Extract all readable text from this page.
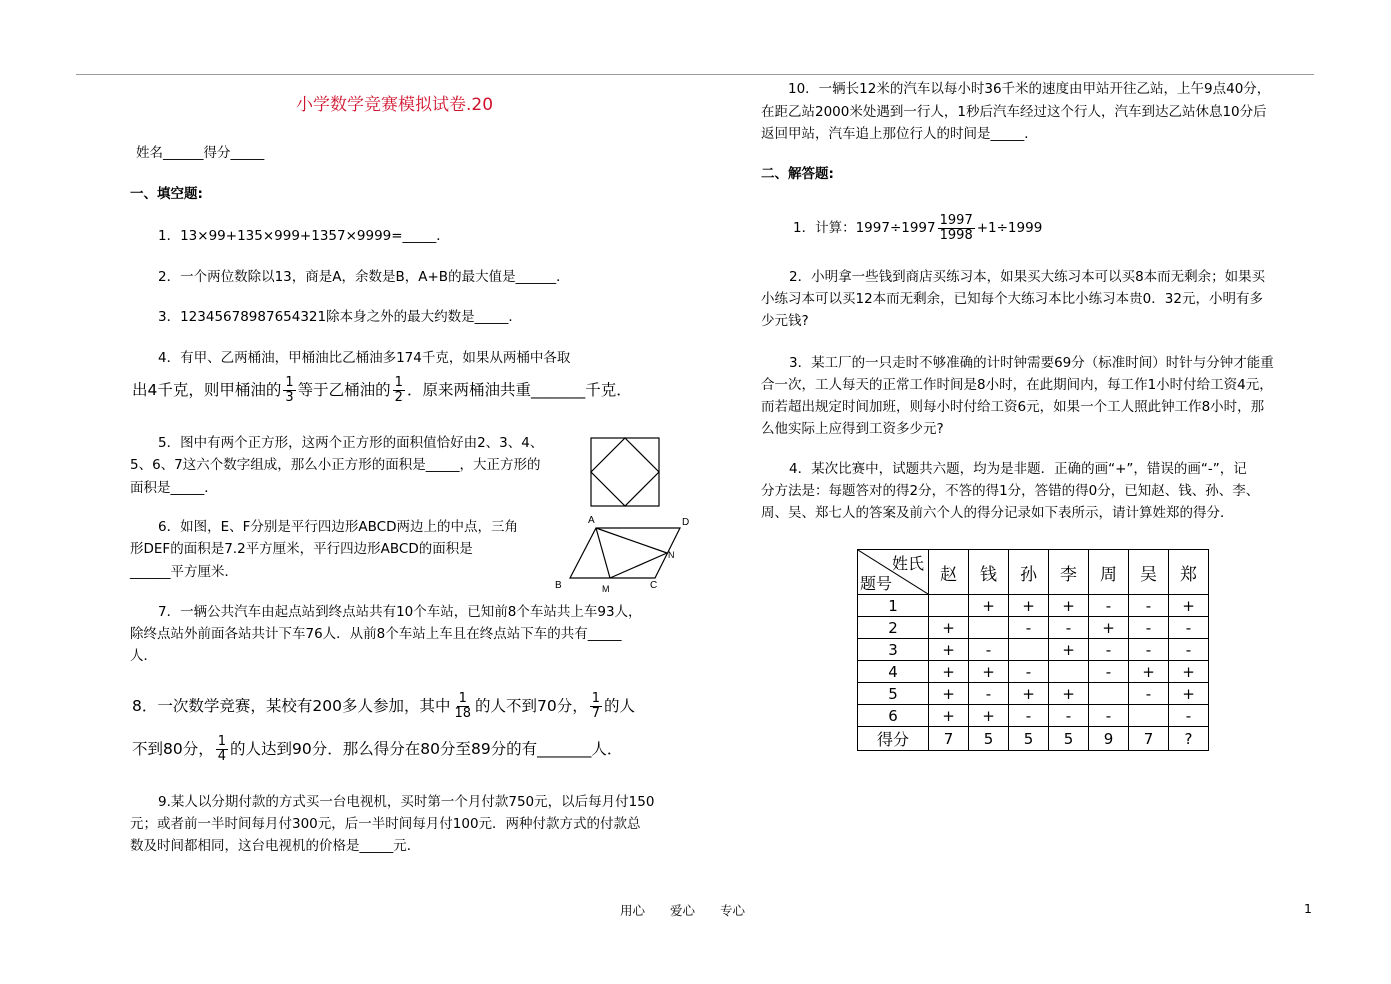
小学数学竞赛模拟试卷.20
姓名______得分_____
一、填空题:
1．13×99+135×999+1357×9999=_____．
2．一个两位数除以13，商是A，余数是B，A+B的最大值是______．
3．12345678987654321除本身之外的最大约数是_____．
4．有甲、乙两桶油，甲桶油比乙桶油多174千克，如果从两桶中各取
出4千克，则甲桶油的 $\frac{1}{3}$ 等于乙桶油的 $\frac{1}{2}$ ．原来两桶油共重_______千克．
5．图中有两个正方形，这两个正方形的面积值恰好由2、3、4、
5、6、7这六个数字组成，那么小正方形的面积是_____，大正方形的
面积是_____．
6．如图，E、F分别是平行四边形ABCD两边上的中点，三角
形DEF的面积是7.2平方厘米，平行四边形ABCD的面积是
______平方厘米．
A	D
N
B	M	C
7．一辆公共汽车由起点站到终点站共有10个车站，已知前8个车站共上车93人，
除终点站外前面各站共计下车76人．从前8个车站上车且在终点站下车的共有_____
人．
8．一次数学竞赛，某校有200多人参加，其中 $\frac{1}{18}$ 的人不到70分， $\frac{1}{7}$ 的人
不到80分， $\frac{1}{4}$ 的人达到90分．那么得分在80分至89分的有_______人．
9.某人以分期付款的方式买一台电视机，买时第一个月付款750元，以后每月付150
元；或者前一半时间每月付300元，后一半时间每月付100元．两种付款方式的付款总
数及时间都相同，这台电视机的价格是_____元．
10．一辆长12米的汽车以每小时36千米的速度由甲站开往乙站，上午9点40分，
在距乙站2000米处遇到一行人，1秒后汽车经过这个行人，汽车到达乙站休息10分后
返回甲站，汽车追上那位行人的时间是_____．
二、解答题:
1．计算：$1997\div 1997 \frac{1997}{1998} +1\div 1999$
2．小明拿一些钱到商店买练习本，如果买大练习本可以买8本而无剩余；如果买
小练习本可以买12本而无剩余，已知每个大练习本比小练习本贵0．32元，小明有多
少元钱?
3．某工厂的一只走时不够准确的计时钟需要69分（标准时间）时针与分钟才能重
合一次，工人每天的正常工作时间是8小时，在此期间内，每工作1小时付给工资4元，
而若超出规定时间加班，则每小时付给工资6元，如果一个工人照此钟工作8小时，那
么他实际上应得到工资多少元?
4．某次比赛中，试题共六题，均为是非题．正确的画“+”，错误的画“-”，记
分方法是：每题答对的得2分，不答的得1分，答错的得0分，已知赵、钱、孙、李、
周、吴、郑七人的答案及前六个人的得分记录如下表所示，请计算姓郑的得分．
姓氏
题号	赵	钱	孙	李	周	吴	郑
1		+	+	+	-	-	+
2	+		-	-	+	-	-
3	+	-		+	-	-	-
4	+	+	-		-	+	+
5	+	-	+	+		-	+
6	+	+	-	-	-		-
得分	7	5	5	5	9	7	?
用心 爱心 专心	1
